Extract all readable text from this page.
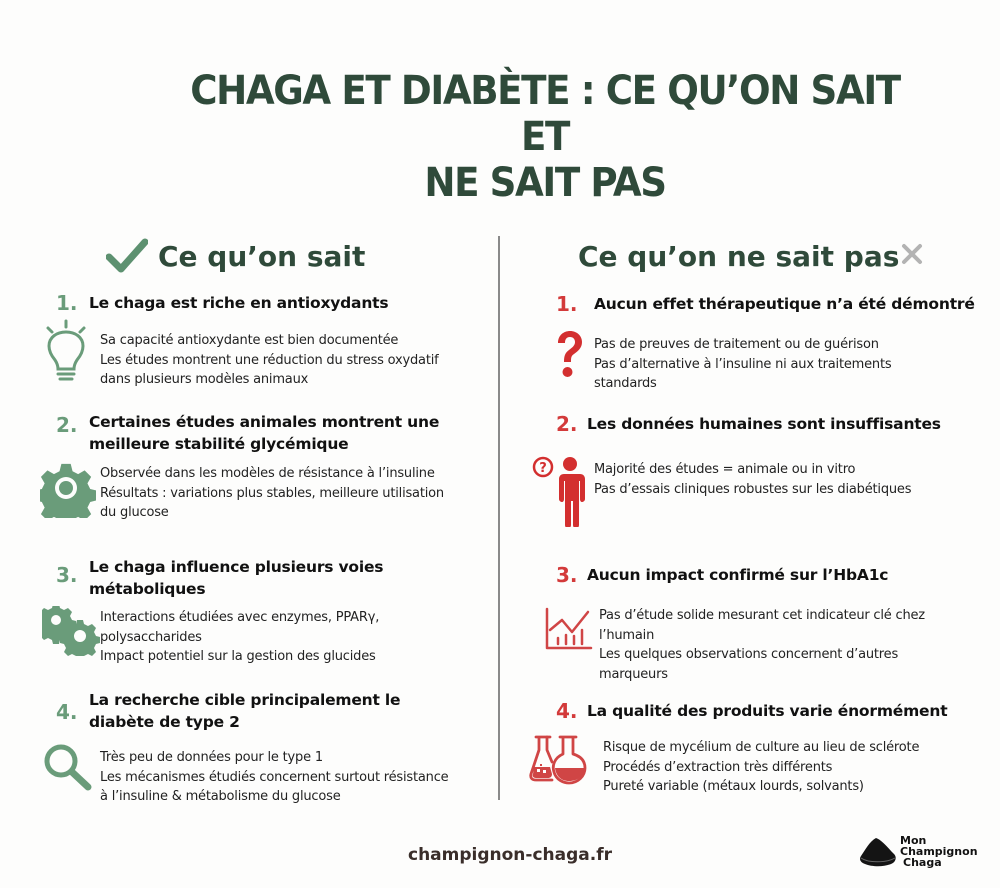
CHAGA ET DIABÈTE : CE QU’ON SAIT ET
NE SAIT PAS
Ce qu’on sait	Ce qu’on ne sait pas
1. Le chaga est riche en antioxydants
Sa capacité antioxydante est bien documentée
Les études montrent une réduction du stress oxydatif
dans plusieurs modèles animaux
2. Certaines études animales montrent une
meilleure stabilité glycémique
Observée dans les modèles de résistance à l’insuline
Résultats : variations plus stables, meilleure utilisation
du glucose
3. Le chaga influence plusieurs voies
métaboliques
Interactions étudiées avec enzymes, PPARγ,
polysaccharides
Impact potentiel sur la gestion des glucides
4. La recherche cible principalement le
diabète de type 2
Très peu de données pour le type 1
Les mécanismes étudiés concernent surtout résistance
à l’insuline & métabolisme du glucose
1. Aucun effet thérapeutique n’a été démontré
Pas de preuves de traitement ou de guérison
Pas d’alternative à l’insuline ni aux traitements
standards
2. Les données humaines sont insuffisantes
?	Majorité des études = animale ou in vitro
Pas d’essais cliniques robustes sur les diabétiques
3. Aucun impact confirmé sur l’HbA1c
Pas d’étude solide mesurant cet indicateur clé chez
l’humain
Les quelques observations concernent d’autres
marqueurs
4. La qualité des produits varie énormément
Risque de mycélium de culture au lieu de sclérote
Procédés d’extraction très différents
Pureté variable (métaux lourds, solvants)
champignon-chaga.fr
Mon
Champignon
Chaga
